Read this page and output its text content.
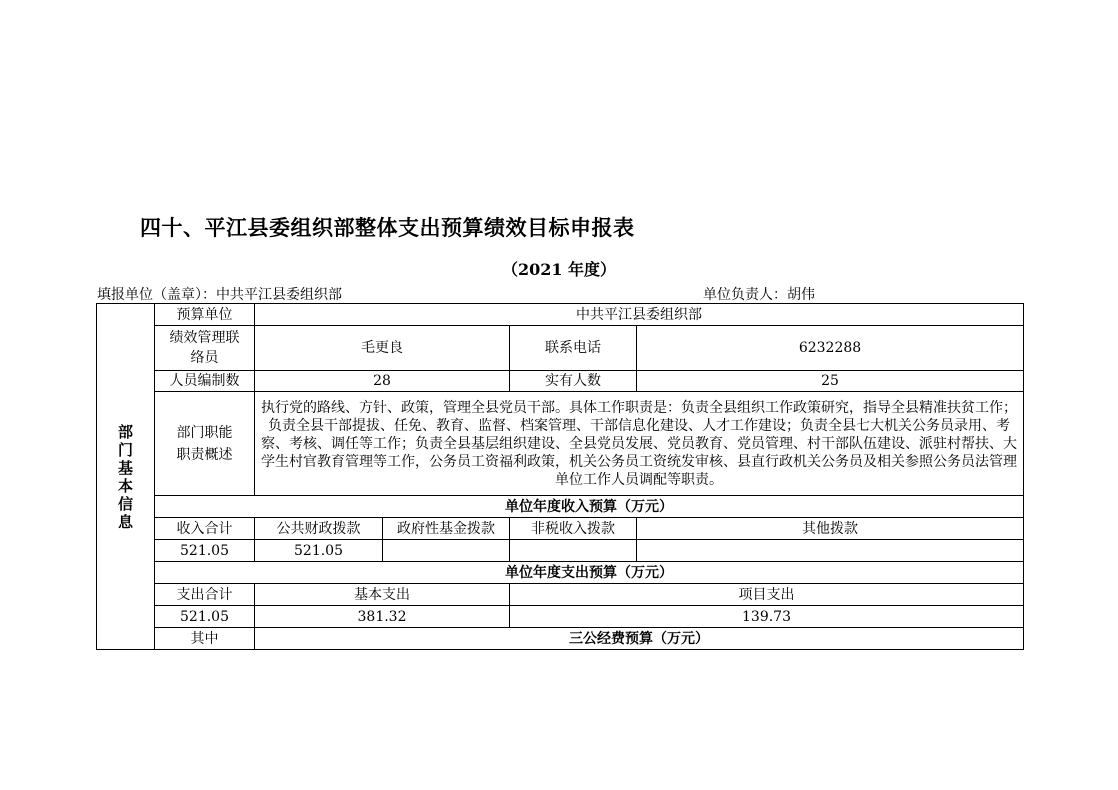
四十、平江县委组织部整体支出预算绩效目标申报表
（2021 年度）
填报单位（盖章）：中共平江县委组织部	单位负责人：胡伟
部门基本信息	预算单位	中共平江县委组织部			

	绩效管理联络员	毛更良		联系电话	6232288
	人员编制数	28		实有人数	25

	部门职能职责概述	执行党的路线、方针、政策，管理全县党员干部。具体工作职责是：负责全县组织工作政策研究，指导全县精准扶贫工作；负责全县干部提拔、任免、教育、监督、档案管理、干部信息化建设、人才工作建设；负责全县七大机关公务员录用、考察、考核、调任等工作；负责全县基层组织建设、全县党员发展、党员教育、党员管理、村干部队伍建设、派驻村帮扶、大学生村官教育管理等工作，公务员工资福利政策，机关公务员工资统发审核、县直行政机关公务员及相关参照公务员法管理单位工作人员调配等职责。			
	单位年度收入预算（万元）				
	收入合计	公共财政拨款	政府性基金拨款	非税收入拨款	其他拨款
	521.05	521.05			
	单位年度支出预算（万元）				
	支出合计	基本支出		项目支出	
	521.05	381.32		139.73	
	其中	三公经费预算（万元）			
